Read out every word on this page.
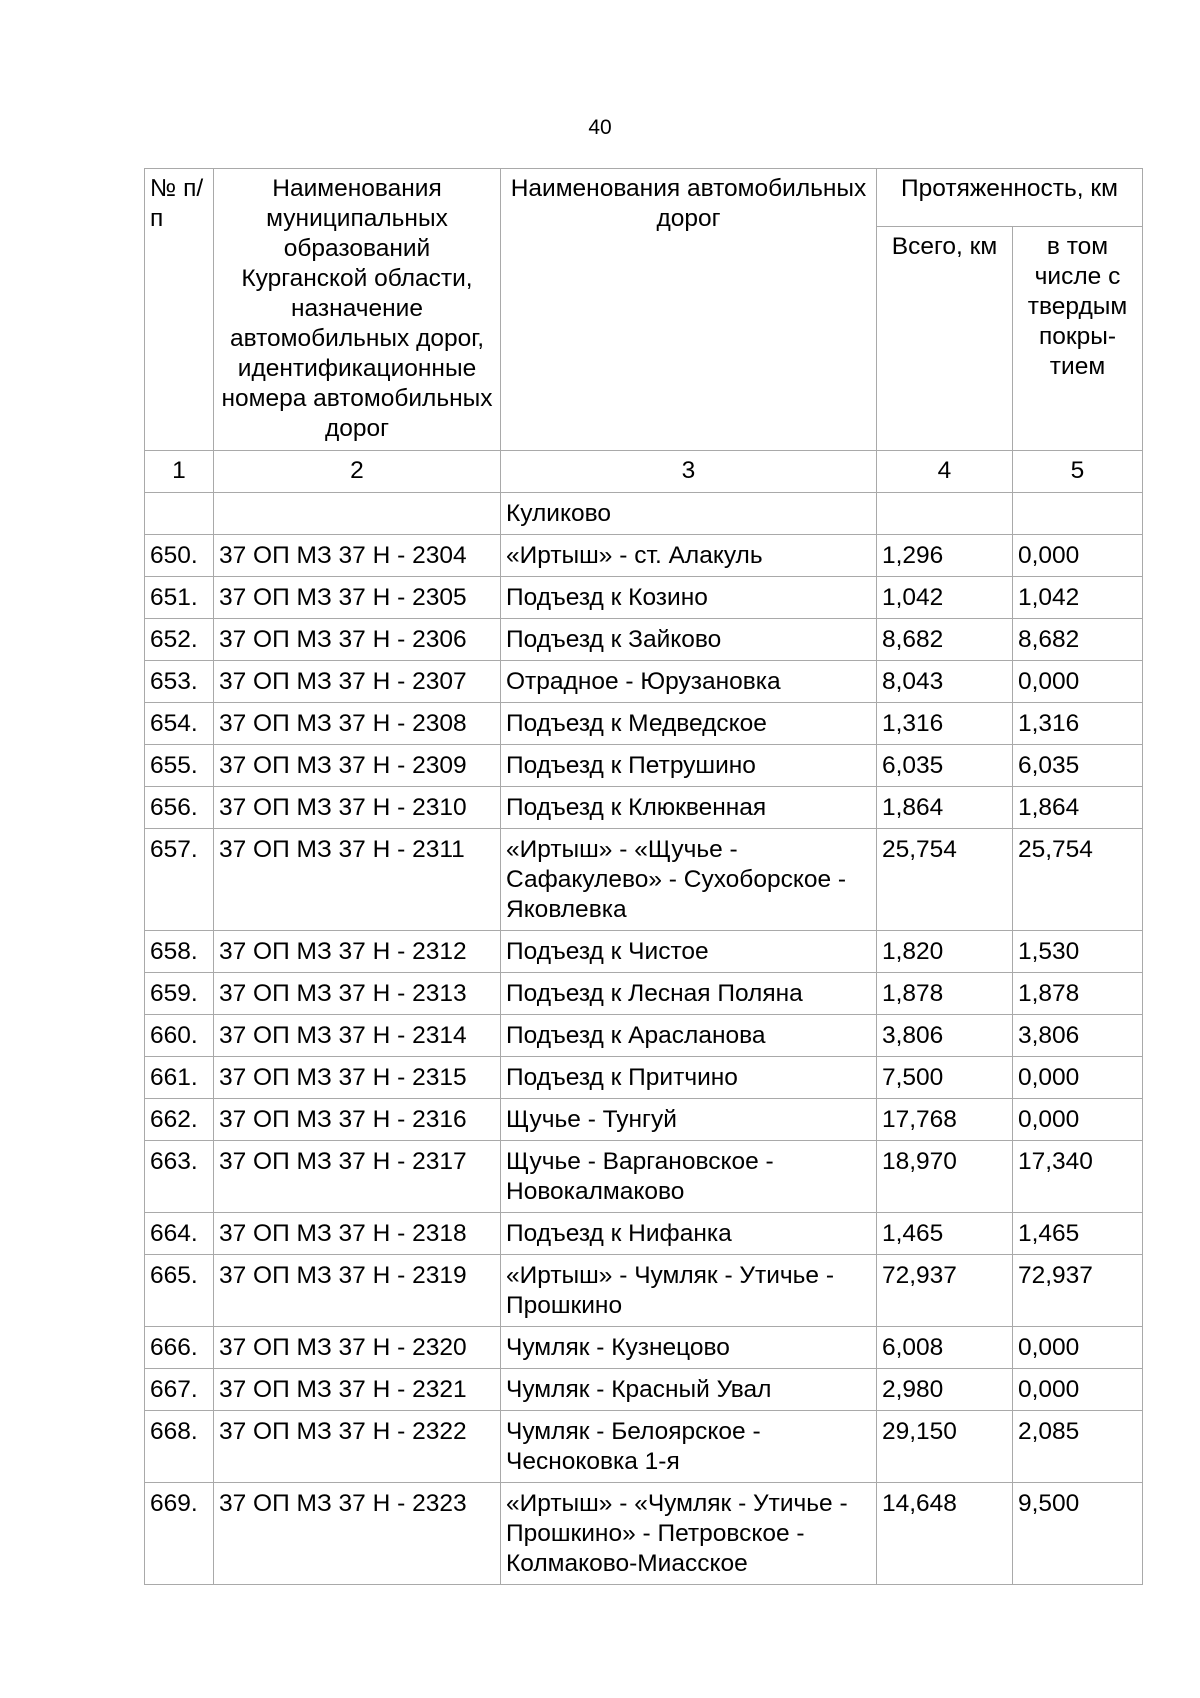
40
№ п/п	Наименования муниципальных образований Курганской области, назначение автомобильных дорог, идентификационные номера автомобильных дорог	Наименования автомобильных дорог	Протяженность, км	
			Всего, км	в том числе с твердым покры-тием
1	2	3	4	5
		Куликово		
650.	37 ОП МЗ 37 Н - 2304	«Иртыш» - ст. Алакуль	1,296	0,000
651.	37 ОП МЗ 37 Н - 2305	Подъезд к Козино	1,042	1,042
652.	37 ОП МЗ 37 Н - 2306	Подъезд к Зайково	8,682	8,682
653.	37 ОП МЗ 37 Н - 2307	Отрадное - Юрузановка	8,043	0,000
654.	37 ОП МЗ 37 Н - 2308	Подъезд к Медведское	1,316	1,316
655.	37 ОП МЗ 37 Н - 2309	Подъезд к Петрушино	6,035	6,035
656.	37 ОП МЗ 37 Н - 2310	Подъезд к Клюквенная	1,864	1,864
657.	37 ОП МЗ 37 Н - 2311	«Иртыш» - «Щучье - Сафакулево» - Сухоборское - Яковлевка	25,754	25,754
658.	37 ОП МЗ 37 Н - 2312	Подъезд к Чистое	1,820	1,530
659.	37 ОП МЗ 37 Н - 2313	Подъезд к Лесная Поляна	1,878	1,878
660.	37 ОП МЗ 37 Н - 2314	Подъезд к Арасланова	3,806	3,806
661.	37 ОП МЗ 37 Н - 2315	Подъезд к Притчино	7,500	0,000
662.	37 ОП МЗ 37 Н - 2316	Щучье - Тунгуй	17,768	0,000
663.	37 ОП МЗ 37 Н - 2317	Щучье - Варгановское - Новокалмаково	18,970	17,340
664.	37 ОП МЗ 37 Н - 2318	Подъезд к Нифанка	1,465	1,465
665.	37 ОП МЗ 37 Н - 2319	«Иртыш» - Чумляк - Утичье - Прошкино	72,937	72,937
666.	37 ОП МЗ 37 Н - 2320	Чумляк - Кузнецово	6,008	0,000
667.	37 ОП МЗ 37 Н - 2321	Чумляк - Красный Увал	2,980	0,000
668.	37 ОП МЗ 37 Н - 2322	Чумляк - Белоярское - Чесноковка 1-я	29,150	2,085
669.	37 ОП МЗ 37 Н - 2323	«Иртыш» - «Чумляк - Утичье - Прошкино» - Петровское - Колмаково-Миасское	14,648	9,500
